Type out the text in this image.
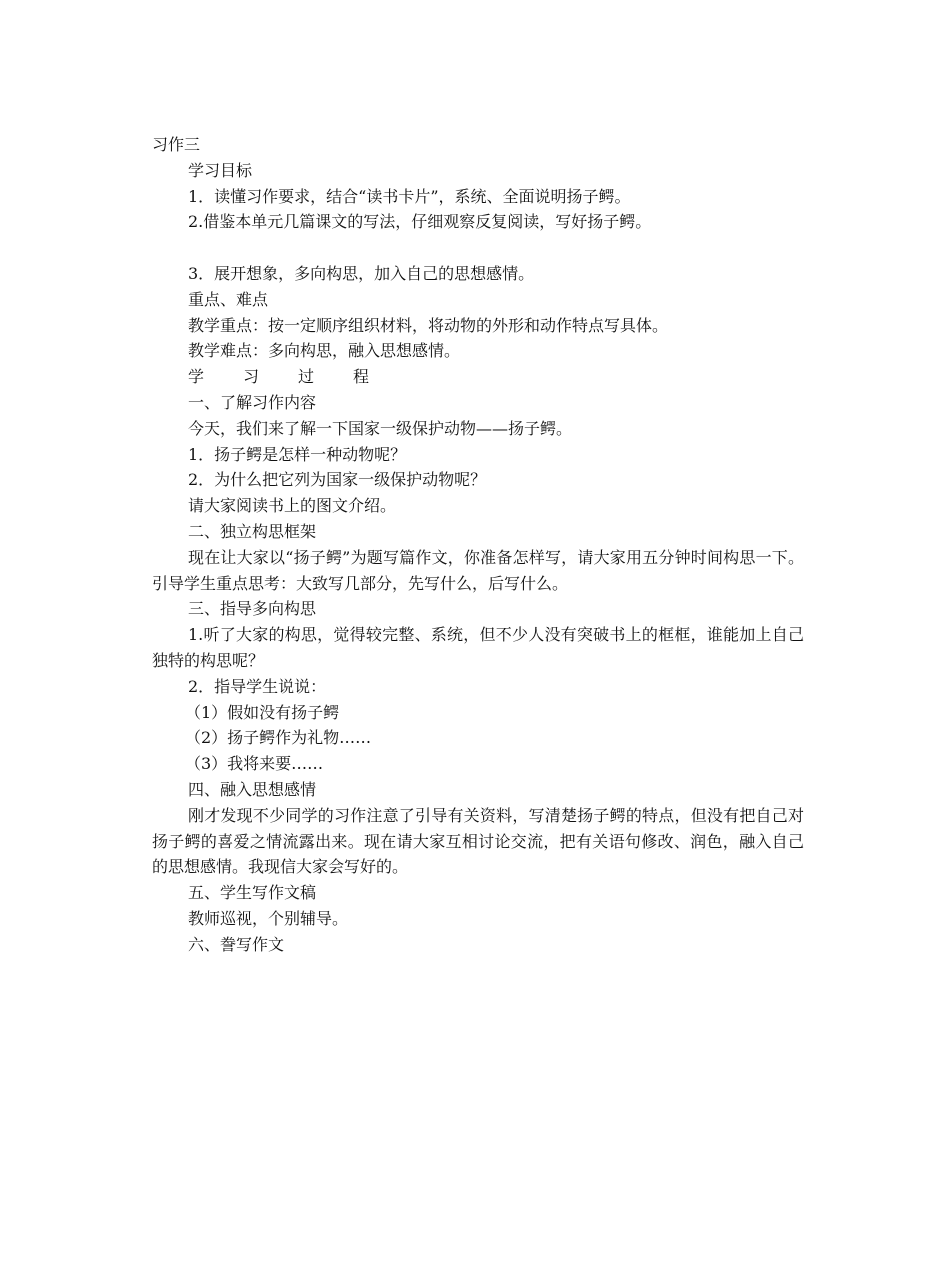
习作三

学习目标

1．读懂习作要求，结合“读书卡片”，系统、全面说明扬子鳄。

2.借鉴本单元几篇课文的写法，仔细观察反复阅读，写好扬子鳄。

3．展开想象，多向构思，加入自己的思想感情。

重点、难点

教学重点：按一定顺序组织材料，将动物的外形和动作特点写具体。

教学难点：多向构思，融入思想感情。

学 习 过 程

一、了解习作内容

今天，我们来了解一下国家一级保护动物——扬子鳄。

1．扬子鳄是怎样一种动物呢？

2．为什么把它列为国家一级保护动物呢？

请大家阅读书上的图文介绍。

二、独立构思框架

现在让大家以“扬子鳄”为题写篇作文，你准备怎样写，请大家用五分钟时间构思一下。引导学生重点思考：大致写几部分，先写什么，后写什么。

三、指导多向构思

1.听了大家的构思，觉得较完整、系统，但不少人没有突破书上的框框，谁能加上自己独特的构思呢？

2．指导学生说说：

（1）假如没有扬子鳄

（2）扬子鳄作为礼物……

（3）我将来要……

四、融入思想感情

刚才发现不少同学的习作注意了引导有关资料，写清楚扬子鳄的特点，但没有把自己对扬子鳄的喜爱之情流露出来。现在请大家互相讨论交流，把有关语句修改、润色，融入自己的思想感情。我现信大家会写好的。

五、学生写作文稿

教师巡视，个别辅导。

六、誊写作文
